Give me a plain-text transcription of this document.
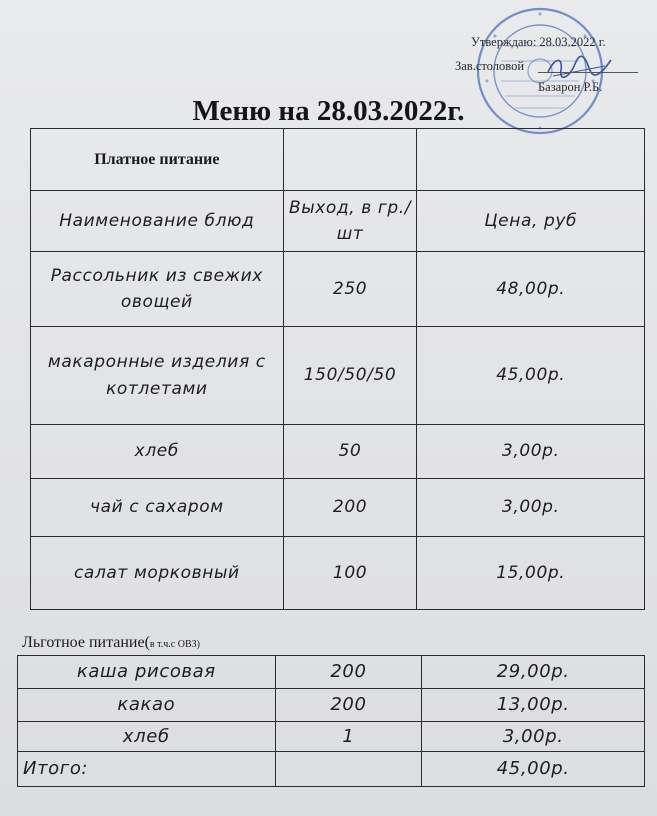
Утверждаю: 28.03.2022 г.
Зав.столовой
Базарон Р.Б.
Меню на 28.03.2022г.
Платное питание		
Наименование блюд	Выход, в гр./шт	Цена, руб
Рассольник из свежих овощей	250	48,00р.
макаронные изделия с котлетами	150/50/50	45,00р.
хлеб	50	3,00р.
чай с сахаром	200	3,00р.
салат морковный	100	15,00р.
Льготное питание(в т.ч.с ОВЗ)
каша рисовая	200	29,00р.
какао	200	13,00р.
хлеб	1	3,00р.
Итого:		45,00р.
